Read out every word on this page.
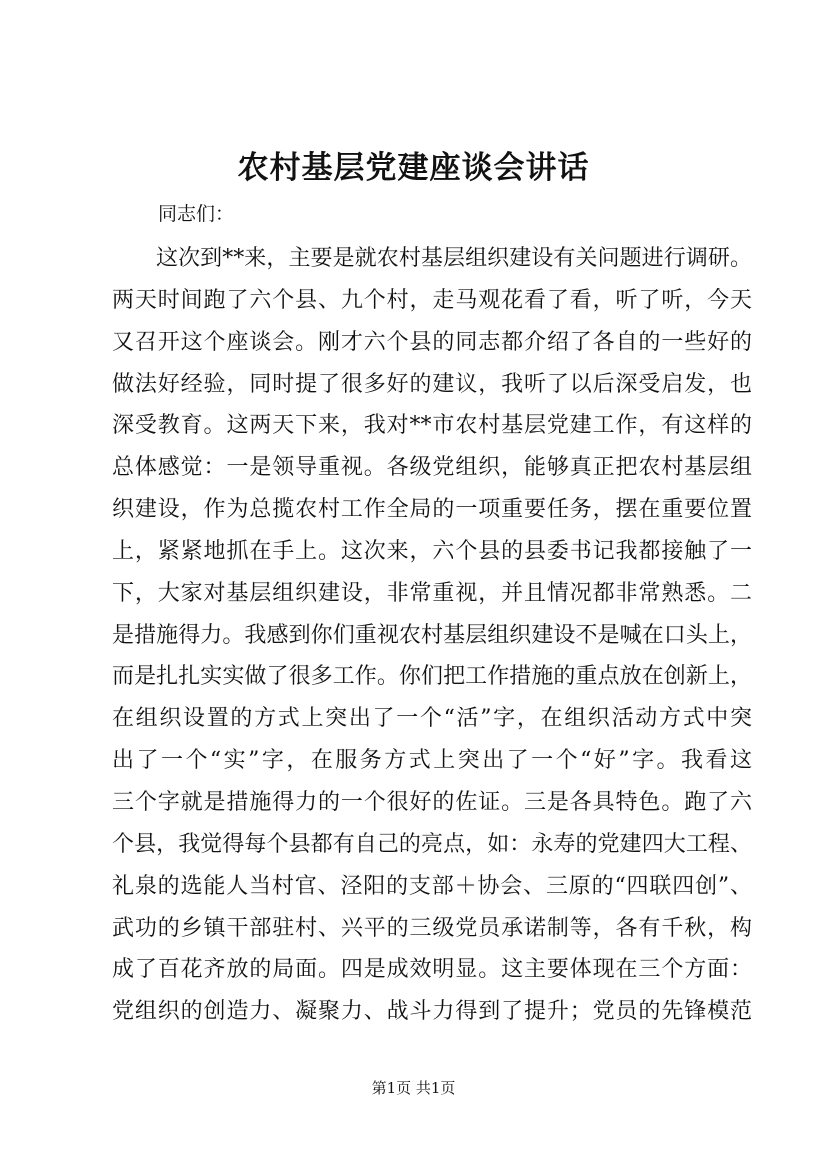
农村基层党建座谈会讲话

同志们：

这次到**来，主要是就农村基层组织建设有关问题进行调研。
两天时间跑了六个县、九个村，走马观花看了看，听了听，今天
又召开这个座谈会。刚才六个县的同志都介绍了各自的一些好的
做法好经验，同时提了很多好的建议，我听了以后深受启发，也
深受教育。这两天下来，我对**市农村基层党建工作，有这样的
总体感觉：一是领导重视。各级党组织，能够真正把农村基层组
织建设，作为总揽农村工作全局的一项重要任务，摆在重要位置
上，紧紧地抓在手上。这次来，六个县的县委书记我都接触了一
下，大家对基层组织建设，非常重视，并且情况都非常熟悉。二
是措施得力。我感到你们重视农村基层组织建设不是喊在口头上，
而是扎扎实实做了很多工作。你们把工作措施的重点放在创新上，
在组织设置的方式上突出了一个“活”字，在组织活动方式中突
出了一个“实”字，在服务方式上突出了一个“好”字。我看这
三个字就是措施得力的一个很好的佐证。三是各具特色。跑了六
个县，我觉得每个县都有自己的亮点，如：永寿的党建四大工程、
礼泉的选能人当村官、泾阳的支部＋协会、三原的“四联四创”、
武功的乡镇干部驻村、兴平的三级党员承诺制等，各有千秋，构
成了百花齐放的局面。四是成效明显。这主要体现在三个方面：
党组织的创造力、凝聚力、战斗力得到了提升；党员的先锋模范

第1页 共1页
